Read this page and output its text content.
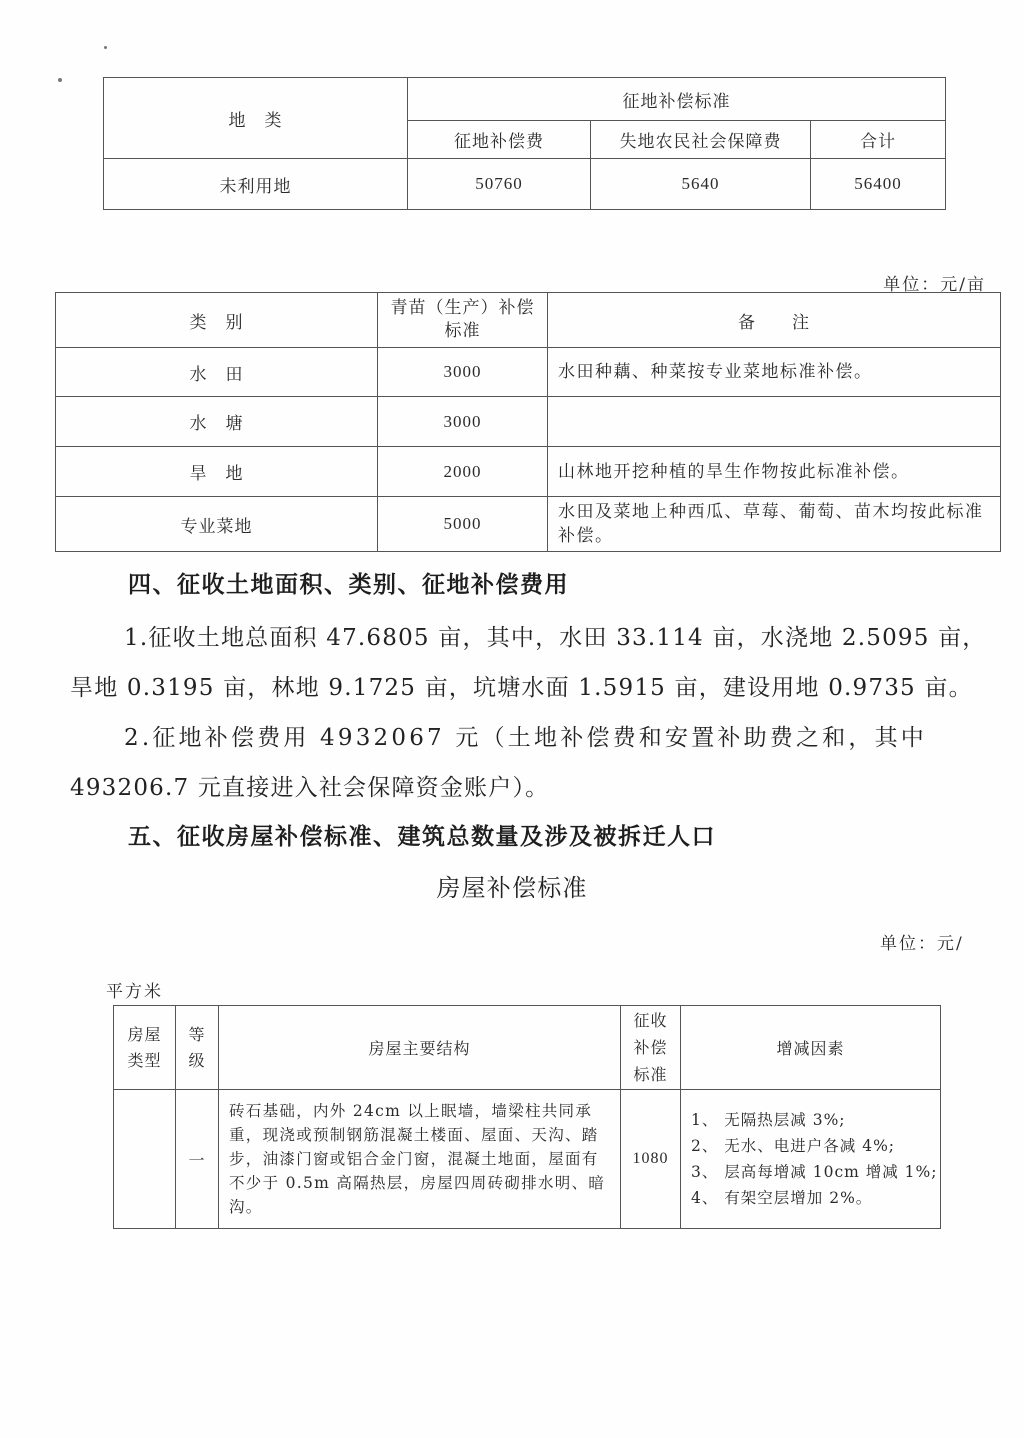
地　类	征地补偿标准		
	征地补偿费	失地农民社会保障费	合计
未利用地	50760	5640	56400
单位：元/亩
类　别	青苗（生产）补偿标准	备　　注
水　田	3000	水田种藕、种菜按专业菜地标准补偿。
水　塘	3000	
旱　地	2000	山林地开挖种植的旱生作物按此标准补偿。
专业菜地	5000	水田及菜地上种西瓜、草莓、葡萄、苗木均按此标准补偿。
四、征收土地面积、类别、征地补偿费用
1.征收土地总面积 47.6805 亩，其中，水田 33.114 亩，水浇地 2.5095 亩，
旱地 0.3195 亩，林地 9.1725 亩，坑塘水面 1.5915 亩，建设用地 0.9735 亩。
2.征地补偿费用 4932067 元（土地补偿费和安置补助费之和，其中
493206.7 元直接进入社会保障资金账户）。
五、征收房屋补偿标准、建筑总数量及涉及被拆迁人口
房屋补偿标准
单位：元/
平方米
房屋类型	等级	房屋主要结构	征收补偿标准	增减因素
	一	砖石基础，内外 24cm 以上眠墙，墙梁柱共同承重，现浇或预制钢筋混凝土楼面、屋面、天沟、踏步，油漆门窗或铝合金门窗，混凝土地面，屋面有不少于 0.5m 高隔热层，房屋四周砖砌排水明、暗沟。	1080	1、 无隔热层减 3%;
2、 无水、电进户各减 4%;
3、 层高每增减 10cm 增减 1%;
4、 有架空层增加 2%。
